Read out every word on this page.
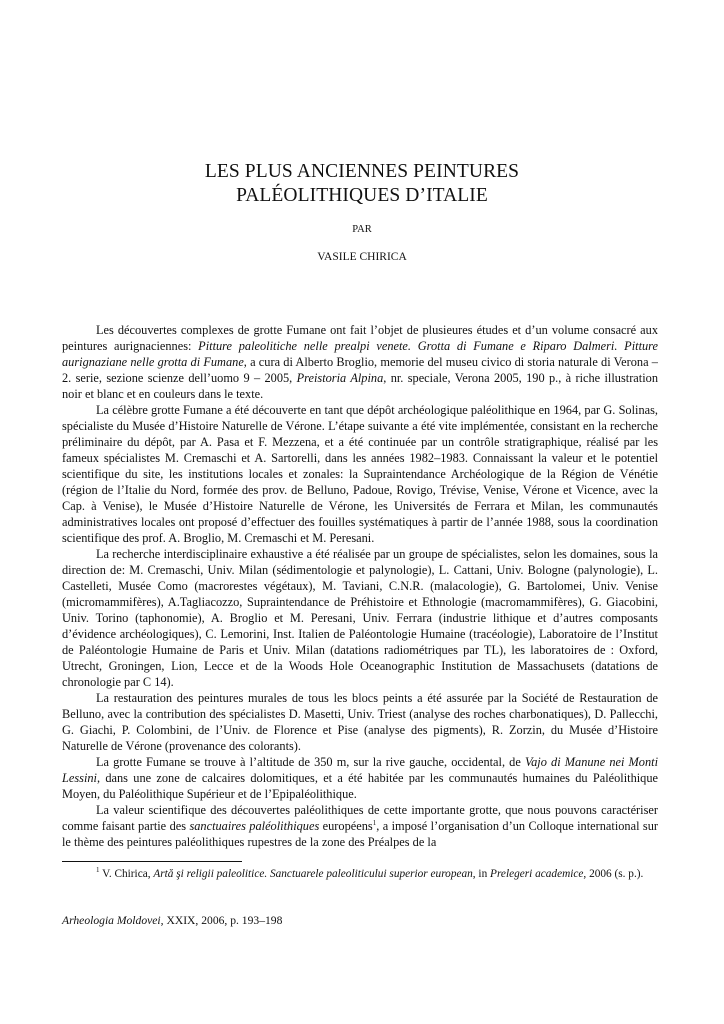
LES PLUS ANCIENNES PEINTURES
PALÉOLITHIQUES D’ITALIE
PAR
VASILE CHIRICA

Les découvertes complexes de grotte Fumane ont fait l’objet de plusieures études et d’un volume consacré aux peintures aurignaciennes: Pitture paleolitiche nelle prealpi venete. Grotta di Fumane e Riparo Dalmeri. Pitture aurignaziane nelle grotta di Fumane, a cura di Alberto Broglio, memorie del museu civico di storia naturale di Verona – 2. serie, sezione scienze dell’uomo 9 – 2005, Preistoria Alpina, nr. speciale, Verona 2005, 190 p., à riche illustration noir et blanc et en couleurs dans le texte.

La célèbre grotte Fumane a été découverte en tant que dépôt archéologique paléolithique en 1964, par G. Solinas, spécialiste du Musée d’Histoire Naturelle de Vérone. L’étape suivante a été vite implémentée, consistant en la recherche préliminaire du dépôt, par A. Pasa et F. Mezzena, et a été continuée par un contrôle stratigraphique, réalisé par les fameux spécialistes M. Cremaschi et A. Sartorelli, dans les années 1982–1983. Connaissant la valeur et le potentiel scientifique du site, les institutions locales et zonales: la Supraintendance Archéologique de la Région de Vénétie (région de l’Italie du Nord, formée des prov. de Belluno, Padoue, Rovigo, Trévise, Venise, Vérone et Vicence, avec la Cap. à Venise), le Musée d’Histoire Naturelle de Vérone, les Universités de Ferrara et Milan, les communautés administratives locales ont proposé d’effectuer des fouilles systématiques à partir de l’année 1988, sous la coordination scientifique des prof. A. Broglio, M. Cremaschi et M. Peresani.

La recherche interdisciplinaire exhaustive a été réalisée par un groupe de spécialistes, selon les domaines, sous la direction de: M. Cremaschi, Univ. Milan (sédimentologie et palynologie), L. Cattani, Univ. Bologne (palynologie), L. Castelleti, Musée Como (macrorestes végétaux), M. Taviani, C.N.R. (malacologie), G. Bartolomei, Univ. Venise (micromammifères), A.Tagliacozzo, Supraintendance de Préhistoire et Ethnologie (macromammifères), G. Giacobini, Univ. Torino (taphonomie), A. Broglio et M. Peresani, Univ. Ferrara (industrie lithique et d’autres composants d’évidence archéologiques), C. Lemorini, Inst. Italien de Paléontologie Humaine (tracéologie), Laboratoire de l’Institut de Paléontologie Humaine de Paris et Univ. Milan (datations radiométriques par TL), les laboratoires de : Oxford, Utrecht, Groningen, Lion, Lecce et de la Woods Hole Oceanographic Institution de Massachusets (datations de chronologie par C 14).

La restauration des peintures murales de tous les blocs peints a été assurée par la Société de Restauration de Belluno, avec la contribution des spécialistes D. Masetti, Univ. Triest (analyse des roches charbonatiques), D. Pallecchi, G. Giachi, P. Colombini, de l’Univ. de Florence et Pise (analyse des pigments), R. Zorzin, du Musée d’Histoire Naturelle de Vérone (provenance des colorants).

La grotte Fumane se trouve à l’altitude de 350 m, sur la rive gauche, occidental, de Vajo di Manune nei Monti Lessini, dans une zone de calcaires dolomitiques, et a été habitée par les communautés humaines du Paléolithique Moyen, du Paléolithique Supérieur et de l’Epipaléolithique.

La valeur scientifique des découvertes paléolithiques de cette importante grotte, que nous pouvons caractériser comme faisant partie des sanctuaires paléolithiques européens$^1$, a imposé l’organisation d’un Colloque international sur le thème des peintures paléolithiques rupestres de la zone des Préalpes de la

$^1$ V. Chirica, Artă şi religii paleolitice. Sanctuarele paleoliticului superior european, in Prelegeri academice, 2006 (s. p.).
Arheologia Moldovei, XXIX, 2006, p. 193–198
